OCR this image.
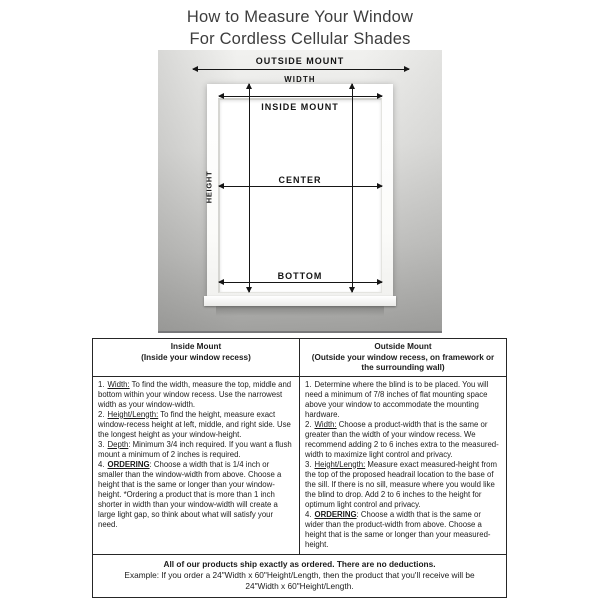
How to Measure Your Window
For Cordless Cellular Shades
OUTSIDE MOUNT
WIDTH
INSIDE MOUNT
HEIGHT	CENTER
BOTTOM
Inside Mount
(Inside your window recess)
Outside Mount
(Outside your window recess, on framework or the surrounding wall)

1. Width: To find the width, measure the top, middle and bottom within your window recess. Use the narrowest width as your window-width.

2. Height/Length: To find the height, measure exact window-recess height at left, middle, and right side. Use the longest height as your window-height.

3. Depth: Minimum 3/4 inch required. If you want a flush mount a minimum of 2 inches is required.

4. ORDERING: Choose a width that is 1/4 inch or smaller than the window-width from above. Choose a height that is the same or longer than your window-height. *Ordering a product that is more than 1 inch shorter in width than your window-width will create a large light gap, so think about what will satisfy your need.

1. Determine where the blind is to be placed. You will need a minimum of 7/8 inches of flat mounting space above your window to accommodate the mounting hardware.

2. Width: Choose a product-width that is the same or greater than the width of your window recess. We recommend adding 2 to 6 inches extra to the measured-width to maximize light control and privacy.

3. Height/Length: Measure exact measured-height from the top of the proposed headrail location to the base of the sill. If there is no sill, measure where you would like the blind to drop. Add 2 to 6 inches to the height for optimum light control and privacy.

4. ORDERING: Choose a width that is the same or wider than the product-width from above. Choose a height that is the same or longer than your measured-height.

All of our products ship exactly as ordered. There are no deductions.
Example: If you order a 24"Width x 60"Height/Length, then the product that you'll receive will be
24"Width x 60"Height/Length.
